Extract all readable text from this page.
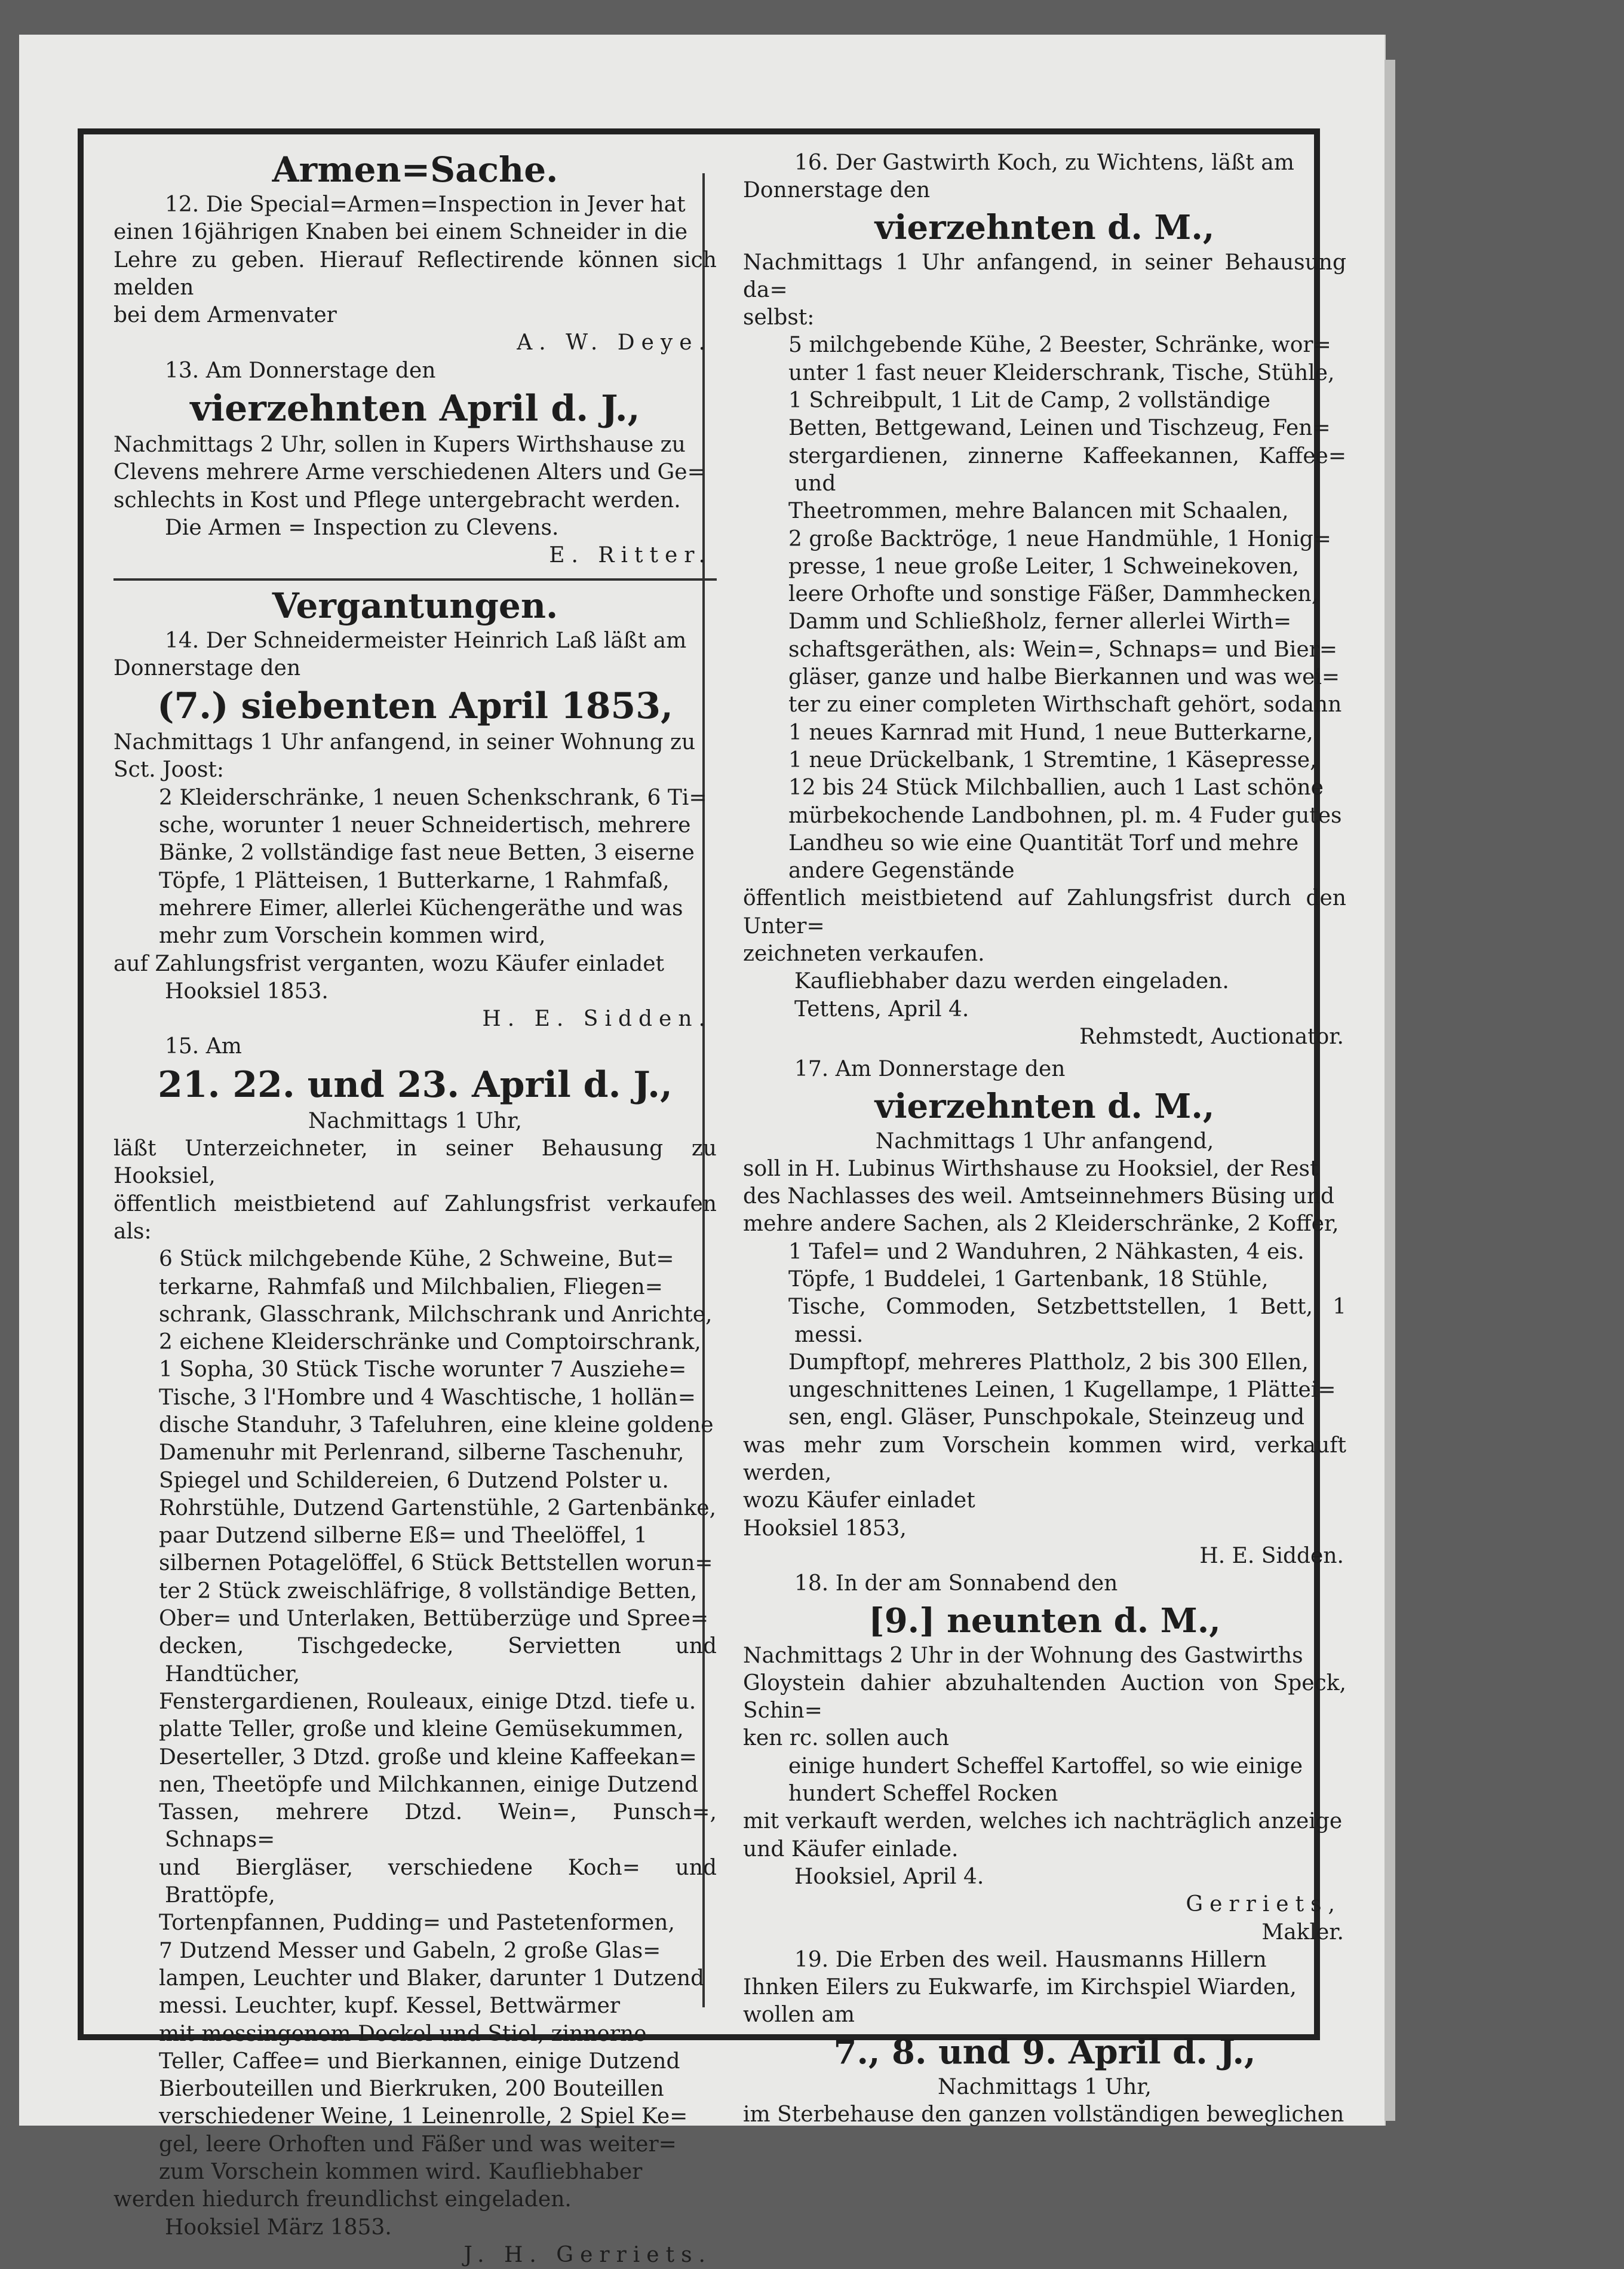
Armen=Sache.

12. Die Special=Armen=Inspection in Jever hat

einen 16jährigen Knaben bei einem Schneider in die

Lehre zu geben. Hierauf Reflectirende können sich melden

bei dem Armenvater

A. W. Deye.

13. Am Donnerstage den

vierzehnten April d. J.,

Nachmittags 2 Uhr, sollen in Kupers Wirthshause zu

Clevens mehrere Arme verschiedenen Alters und Ge=

schlechts in Kost und Pflege untergebracht werden.

Die Armen = Inspection zu Clevens.

E. Ritter.

Vergantungen.

14. Der Schneidermeister Heinrich Laß läßt am

Donnerstage den

(7.) siebenten April 1853,

Nachmittags 1 Uhr anfangend, in seiner Wohnung zu

Sct. Joost:

2 Kleiderschränke, 1 neuen Schenkschrank, 6 Ti=

sche, worunter 1 neuer Schneidertisch, mehrere

Bänke, 2 vollständige fast neue Betten, 3 eiserne

Töpfe, 1 Plätteisen, 1 Butterkarne, 1 Rahmfaß,

mehrere Eimer, allerlei Küchengeräthe und was

mehr zum Vorschein kommen wird,

auf Zahlungsfrist verganten, wozu Käufer einladet

Hooksiel 1853.

H. E. Sidden.

15. Am

21. 22. und 23. April d. J.,

Nachmittags 1 Uhr,

läßt Unterzeichneter, in seiner Behausung zu Hooksiel,

öffentlich meistbietend auf Zahlungsfrist verkaufen als:

6 Stück milchgebende Kühe, 2 Schweine, But=

terkarne, Rahmfaß und Milchbalien, Fliegen=

schrank, Glasschrank, Milchschrank und Anrichte,

2 eichene Kleiderschränke und Comptoirschrank,

1 Sopha, 30 Stück Tische worunter 7 Ausziehe=

Tische, 3 l'Hombre und 4 Waschtische, 1 hollän=

dische Standuhr, 3 Tafeluhren, eine kleine goldene

Damenuhr mit Perlenrand, silberne Taschenuhr,

Spiegel und Schildereien, 6 Dutzend Polster u.

Rohrstühle, Dutzend Gartenstühle, 2 Gartenbänke,

paar Dutzend silberne Eß= und Theelöffel, 1

silbernen Potagelöffel, 6 Stück Bettstellen worun=

ter 2 Stück zweischläfrige, 8 vollständige Betten,

Ober= und Unterlaken, Bettüberzüge und Spree=

decken, Tischgedecke, Servietten und Handtücher,

Fenstergardienen, Rouleaux, einige Dtzd. tiefe u.

platte Teller, große und kleine Gemüsekummen,

Deserteller, 3 Dtzd. große und kleine Kaffeekan=

nen, Theetöpfe und Milchkannen, einige Dutzend

Tassen, mehrere Dtzd. Wein=, Punsch=, Schnaps=

und Biergläser, verschiedene Koch= und Brattöpfe,

Tortenpfannen, Pudding= und Pastetenformen,

7 Dutzend Messer und Gabeln, 2 große Glas=

lampen, Leuchter und Blaker, darunter 1 Dutzend

messi. Leuchter, kupf. Kessel, Bettwärmer

mit messingenem Deckel und Stiel, zinnerne

Teller, Caffee= und Bierkannen, einige Dutzend

Bierbouteillen und Bierkruken, 200 Bouteillen

verschiedener Weine, 1 Leinenrolle, 2 Spiel Ke=

gel, leere Orhoften und Fäßer und was weiter=

zum Vorschein kommen wird. Kaufliebhaber

werden hiedurch freundlichst eingeladen.

Hooksiel März 1853.

J. H. Gerriets.

16. Der Gastwirth Koch, zu Wichtens, läßt am

Donnerstage den

vierzehnten d. M.,

Nachmittags 1 Uhr anfangend, in seiner Behausung da=

selbst:

5 milchgebende Kühe, 2 Beester, Schränke, wor=

unter 1 fast neuer Kleiderschrank, Tische, Stühle,

1 Schreibpult, 1 Lit de Camp, 2 vollständige

Betten, Bettgewand, Leinen und Tischzeug, Fen=

stergardienen, zinnerne Kaffeekannen, Kaffee= und

Theetrommen, mehre Balancen mit Schaalen,

2 große Backtröge, 1 neue Handmühle, 1 Honig=

presse, 1 neue große Leiter, 1 Schweinekoven,

leere Orhofte und sonstige Fäßer, Dammhecken,

Damm und Schließholz, ferner allerlei Wirth=

schaftsgeräthen, als: Wein=, Schnaps= und Bier=

gläser, ganze und halbe Bierkannen und was wei=

ter zu einer completen Wirthschaft gehört, sodann

1 neues Karnrad mit Hund, 1 neue Butterkarne,

1 neue Drückelbank, 1 Stremtine, 1 Käsepresse,

12 bis 24 Stück Milchballien, auch 1 Last schöne

mürbekochende Landbohnen, pl. m. 4 Fuder gutes

Landheu so wie eine Quantität Torf und mehre

andere Gegenstände

öffentlich meistbietend auf Zahlungsfrist durch den Unter=

zeichneten verkaufen.

Kaufliebhaber dazu werden eingeladen.

Tettens, April 4.

Rehmstedt, Auctionator.

17. Am Donnerstage den

vierzehnten d. M.,

Nachmittags 1 Uhr anfangend,

soll in H. Lubinus Wirthshause zu Hooksiel, der Rest

des Nachlasses des weil. Amtseinnehmers Büsing und

mehre andere Sachen, als 2 Kleiderschränke, 2 Koffer,

1 Tafel= und 2 Wanduhren, 2 Nähkasten, 4 eis.

Töpfe, 1 Buddelei, 1 Gartenbank, 18 Stühle,

Tische, Commoden, Setzbettstellen, 1 Bett, 1 messi.

Dumpftopf, mehreres Plattholz, 2 bis 300 Ellen,

ungeschnittenes Leinen, 1 Kugellampe, 1 Plättei=

sen, engl. Gläser, Punschpokale, Steinzeug und

was mehr zum Vorschein kommen wird, verkauft werden,

wozu Käufer einladet

Hooksiel 1853,

H. E. Sidden.

18. In der am Sonnabend den

[9.] neunten d. M.,

Nachmittags 2 Uhr in der Wohnung des Gastwirths

Gloystein dahier abzuhaltenden Auction von Speck, Schin=

ken rc. sollen auch

einige hundert Scheffel Kartoffel, so wie einige

hundert Scheffel Rocken

mit verkauft werden, welches ich nachträglich anzeige

und Käufer einlade.

Hooksiel, April 4.

Gerriets,

Makler.

19. Die Erben des weil. Hausmanns Hillern

Ihnken Eilers zu Eukwarfe, im Kirchspiel Wiarden,

wollen am

7., 8. und 9. April d. J.,

Nachmittags 1 Uhr,

im Sterbehause den ganzen vollständigen beweglichen
